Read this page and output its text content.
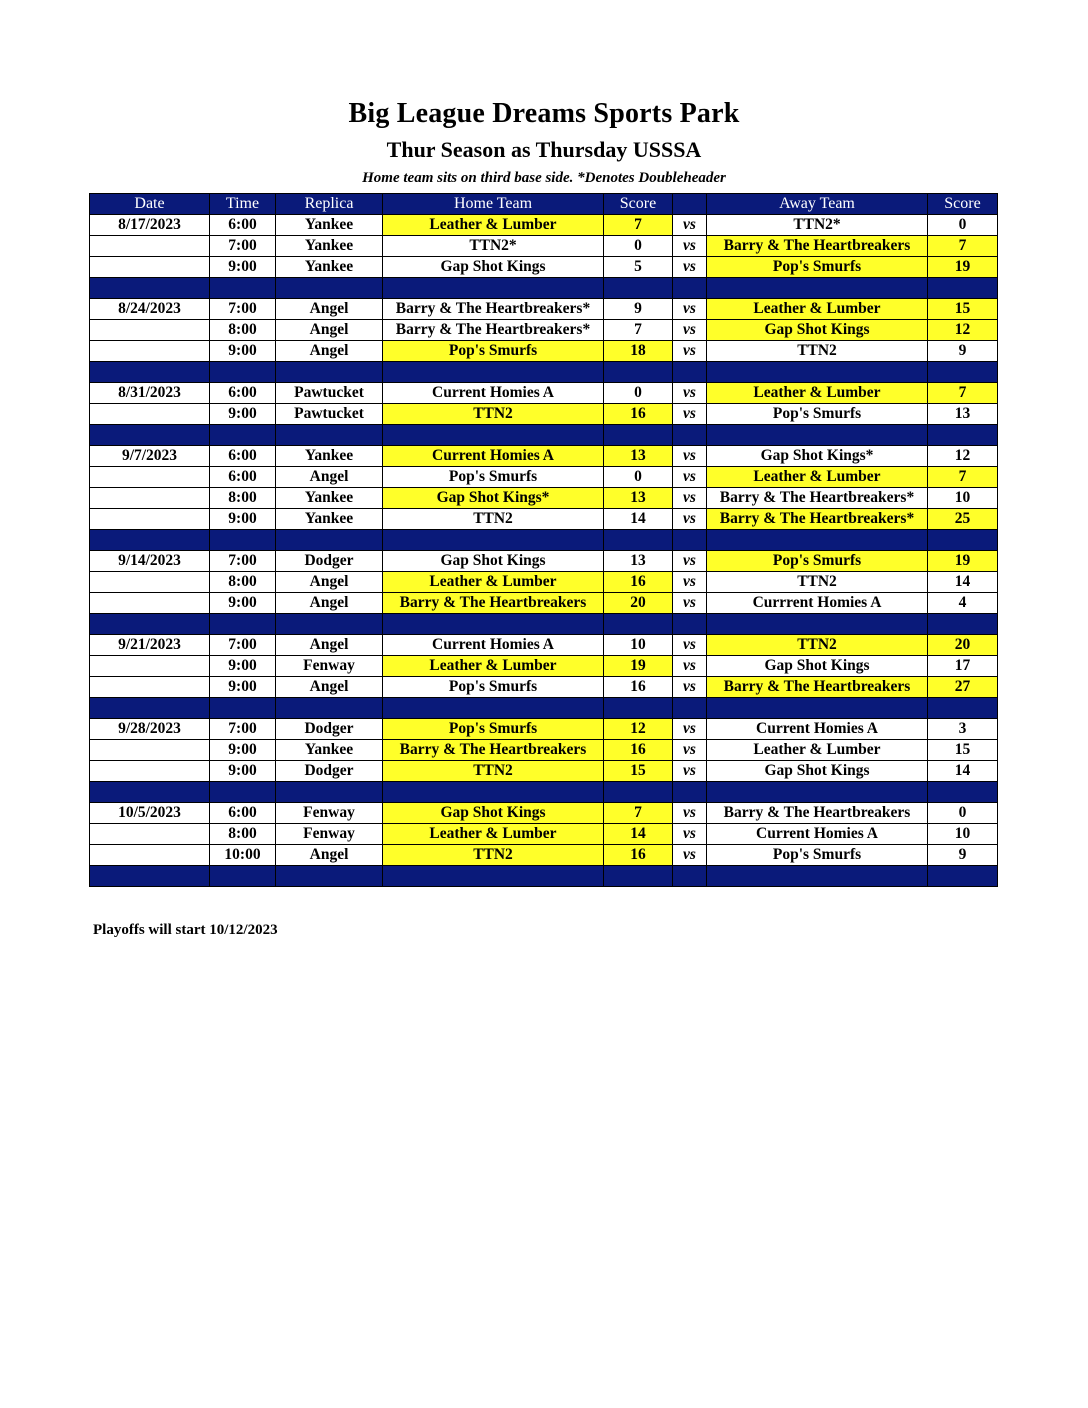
Big League Dreams Sports Park
Thur Season as Thursday USSSA
Home team sits on third base side. *Denotes Doubleheader
Date	Time	Replica	Home Team	Score		Away Team	Score
8/17/2023	6:00	Yankee	Leather & Lumber	7	vs	TTN2*	0
	7:00	Yankee	TTN2*	0	vs	Barry & The Heartbreakers	7
	9:00	Yankee	Gap Shot Kings	5	vs	Pop's Smurfs	19

8/24/2023	7:00	Angel	Barry & The Heartbreakers*	9	vs	Leather & Lumber	15
	8:00	Angel	Barry & The Heartbreakers*	7	vs	Gap Shot Kings	12
	9:00	Angel	Pop's Smurfs	18	vs	TTN2	9

8/31/2023	6:00	Pawtucket	Current Homies A	0	vs	Leather & Lumber	7
	9:00	Pawtucket	TTN2	16	vs	Pop's Smurfs	13

9/7/2023	6:00	Yankee	Current Homies A	13	vs	Gap Shot Kings*	12
	6:00	Angel	Pop's Smurfs	0	vs	Leather & Lumber	7
	8:00	Yankee	Gap Shot Kings*	13	vs	Barry & The Heartbreakers*	10
	9:00	Yankee	TTN2	14	vs	Barry & The Heartbreakers*	25

9/14/2023	7:00	Dodger	Gap Shot Kings	13	vs	Pop's Smurfs	19
	8:00	Angel	Leather & Lumber	16	vs	TTN2	14
	9:00	Angel	Barry & The Heartbreakers	20	vs	Currrent Homies A	4

9/21/2023	7:00	Angel	Current Homies A	10	vs	TTN2	20
	9:00	Fenway	Leather & Lumber	19	vs	Gap Shot Kings	17
	9:00	Angel	Pop's Smurfs	16	vs	Barry & The Heartbreakers	27

9/28/2023	7:00	Dodger	Pop's Smurfs	12	vs	Current Homies A	3
	9:00	Yankee	Barry & The Heartbreakers	16	vs	Leather & Lumber	15
	9:00	Dodger	TTN2	15	vs	Gap Shot Kings	14

10/5/2023	6:00	Fenway	Gap Shot Kings	7	vs	Barry & The Heartbreakers	0
	8:00	Fenway	Leather & Lumber	14	vs	Current Homies A	10
	10:00	Angel	TTN2	16	vs	Pop's Smurfs	9

Playoffs will start 10/12/2023
